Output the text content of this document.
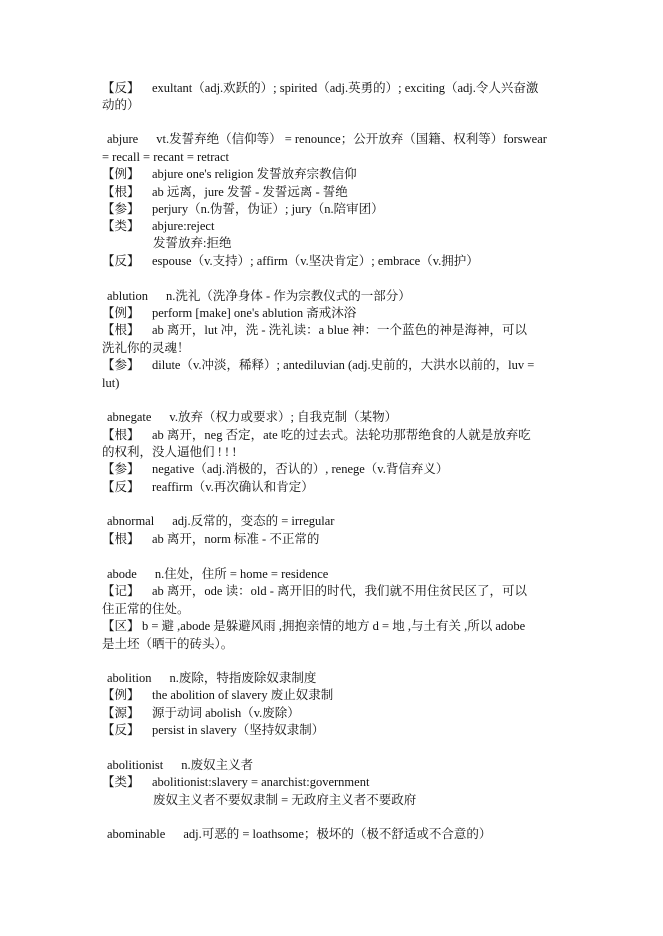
【反】 exultant（adj.欢跃的）; spirited（adj.英勇的）; exciting（adj.令人兴奋激
动的）
abjure vt.发誓弃绝（信仰等） = renounce；公开放弃（国籍、权利等）forswear
= recall = recant = retract
【例】 abjure one's religion 发誓放弃宗教信仰
【根】 ab 远离，jure 发誓 - 发誓远离 - 誓绝
【参】 perjury（n.伪誓，伪证）; jury（n.陪审团）
【类】 abjure:reject
发誓放弃:拒绝
【反】 espouse（v.支持）; affirm（v.坚决肯定）; embrace（v.拥护）
ablution n.洗礼（洗净身体 - 作为宗教仪式的一部分）
【例】 perform [make] one's ablution 斋戒沐浴
【根】 ab 离开，lut 冲，洗 - 洗礼读：a blue 神：一个蓝色的神是海神，可以
洗礼你的灵魂！
【参】 dilute（v.冲淡，稀释）; antediluvian (adj.史前的，大洪水以前的，luv =
lut)
abnegate v.放弃（权力或要求）; 自我克制（某物）
【根】 ab 离开，neg 否定，ate 吃的过去式。法轮功那帮绝食的人就是放弃吃
的权利，没人逼他们 ! ! !
【参】 negative（adj.消极的，否认的）, renege（v.背信弃义）
【反】 reaffirm（v.再次确认和肯定）
abnormal adj.反常的，变态的 = irregular
【根】 ab 离开，norm 标准 - 不正常的
abode n.住处，住所 = home = residence
【记】 ab 离开，ode 读：old - 离开旧的时代，我们就不用住贫民区了，可以
住正常的住处。
【区】 b = 避 ,abode 是躲避风雨 ,拥抱亲情的地方 d = 地 ,与土有关 ,所以 adobe
是土坯（晒干的砖头）。
abolition n.废除，特指废除奴隶制度
【例】 the abolition of slavery 废止奴隶制
【源】 源于动词 abolish（v.废除）
【反】 persist in slavery（坚持奴隶制）
abolitionist n.废奴主义者
【类】 abolitionist:slavery = anarchist:government
废奴主义者不要奴隶制 = 无政府主义者不要政府
abominable adj.可恶的 = loathsome；极坏的（极不舒适或不合意的）
